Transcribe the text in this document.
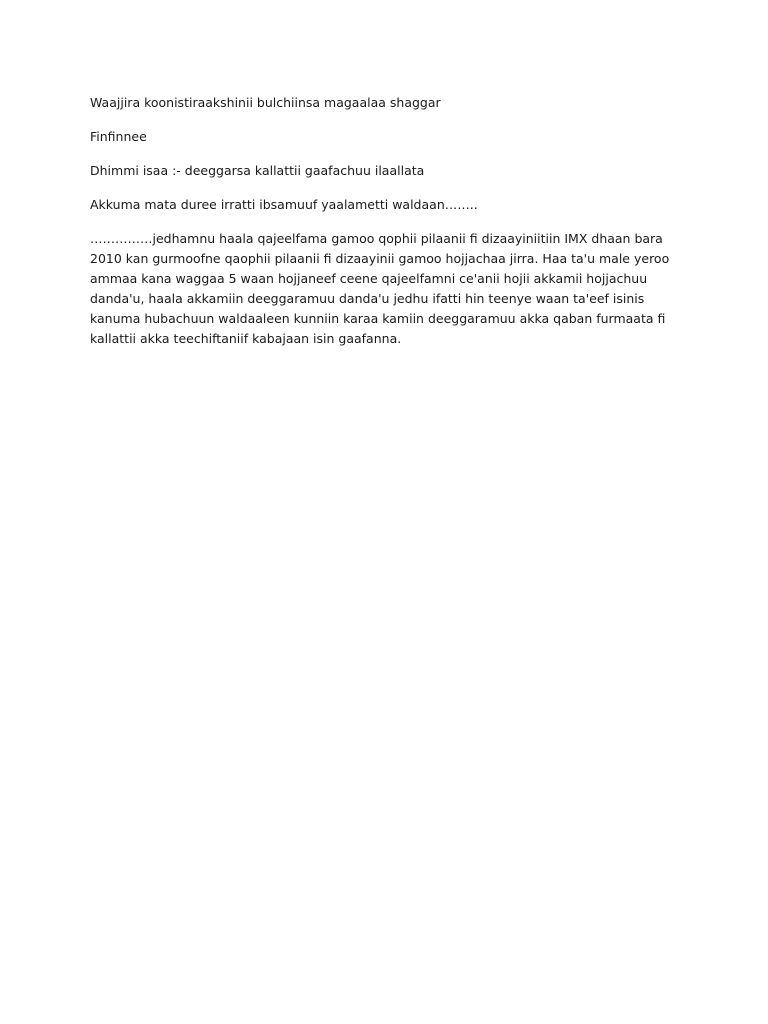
Waajjira koonistiraakshinii bulchiinsa magaalaa shaggar

Finfinnee

Dhimmi isaa :- deeggarsa kallattii gaafachuu ilaallata

Akkuma mata duree irratti ibsamuuf yaalametti waldaan……..

……………jedhamnu haala qajeelfama gamoo qophii pilaanii fi dizaayiniitiin IMX dhaan bara 2010 kan gurmoofne qaophii pilaanii fi dizaayinii gamoo hojjachaa jirra. Haa ta'u male yeroo ammaa kana waggaa 5 waan hojjaneef ceene qajeelfamni ce'anii hojii akkamii hojjachuu danda'u, haala akkamiin deeggaramuu danda'u jedhu ifatti hin teenye waan ta'eef isinis kanuma hubachuun waldaaleen kunniin karaa kamiin deeggaramuu akka qaban furmaata fi kallattii akka teechiftaniif kabajaan isin gaafanna.
